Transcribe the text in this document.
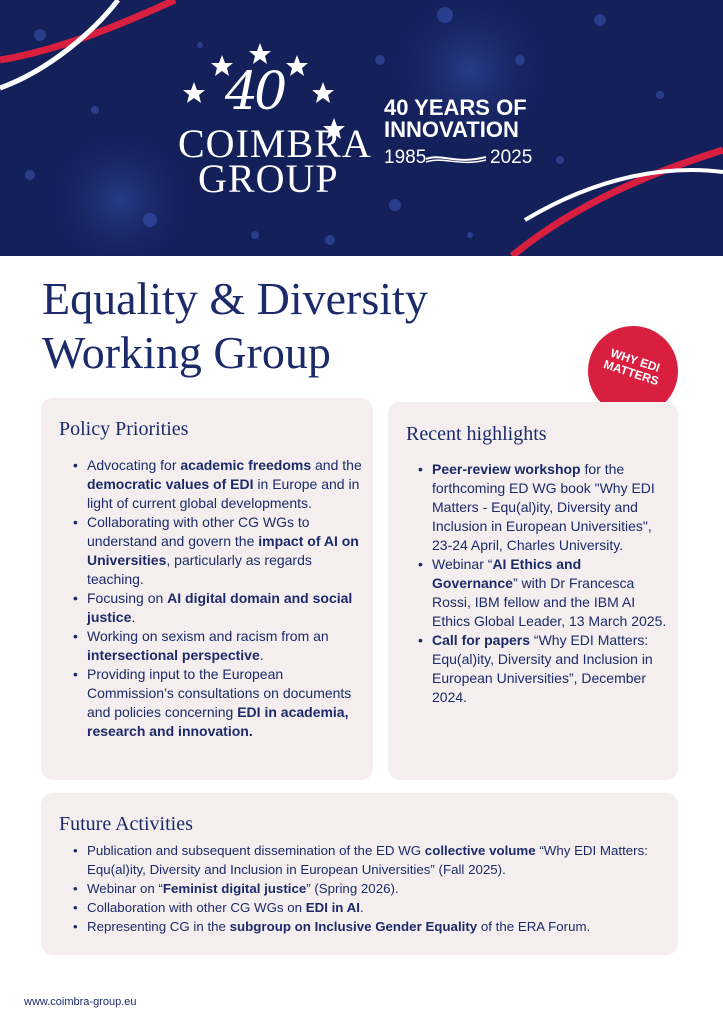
40
COIMBRA
GROUP
40 YEARS OF INNOVATION
1985	2025
Equality & Diversity
Working Group	WHY EDI MATTERS
Policy Priorities
• Advocating for academic freedoms and the democratic values of EDI in Europe and in light of current global developments.
• Collaborating with other CG WGs to understand and govern the impact of AI on Universities, particularly as regards teaching.
• Focusing on AI digital domain and social justice.
• Working on sexism and racism from an intersectional perspective.
• Providing input to the European Commission’s consultations on documents and policies concerning EDI in academia, research and innovation.
Recent highlights
• Peer-review workshop for the forthcoming ED WG book "Why EDI Matters - Equ(al)ity, Diversity and Inclusion in European Universities", 23-24 April, Charles University.
• Webinar “AI Ethics and Governance” with Dr Francesca Rossi, IBM fellow and the IBM AI Ethics Global Leader, 13 March 2025.
• Call for papers “Why EDI Matters: Equ(al)ity, Diversity and Inclusion in European Universities”, December 2024.
Future Activities
• Publication and subsequent dissemination of the ED WG collective volume “Why EDI Matters: Equ(al)ity, Diversity and Inclusion in European Universities” (Fall 2025).
• Webinar on “Feminist digital justice” (Spring 2026).
• Collaboration with other CG WGs on EDI in AI.
• Representing CG in the subgroup on Inclusive Gender Equality of the ERA Forum.
www.coimbra-group.eu
